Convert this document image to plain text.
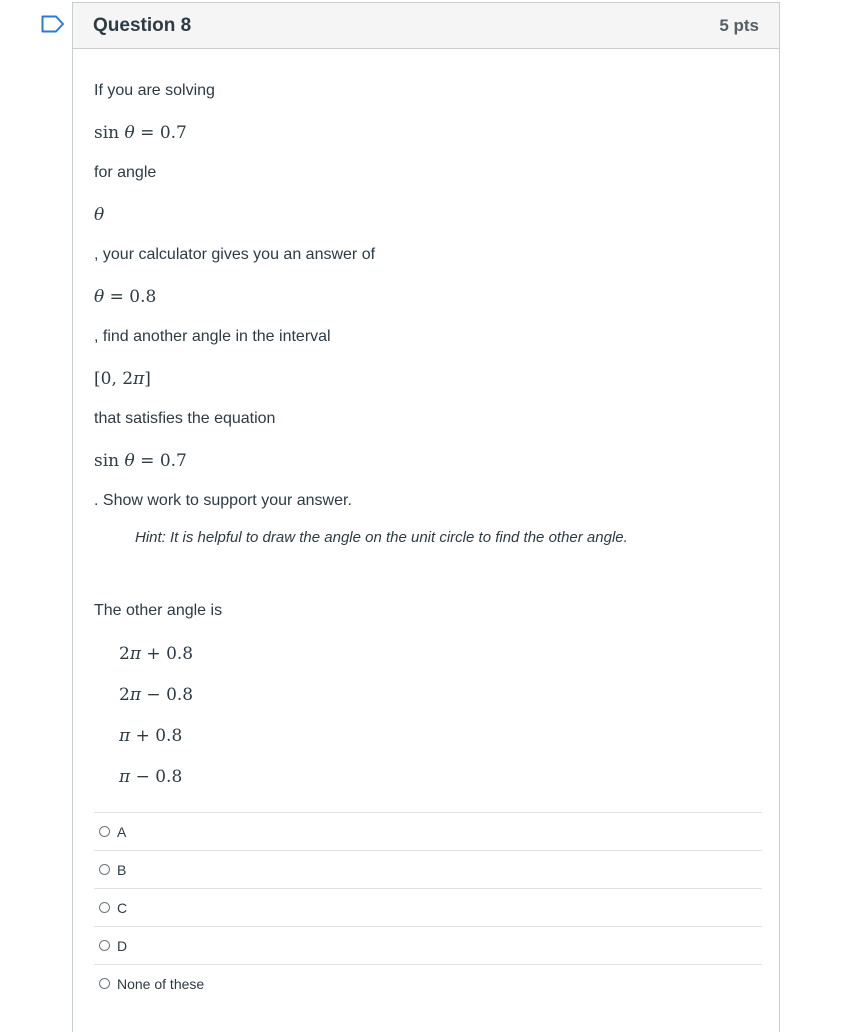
Question 8	5 pts
If you are solving
sin θ = 0.7
for angle
θ
, your calculator gives you an answer of
θ = 0.8
, find another angle in the interval
[0, 2π]
that satisfies the equation
sin θ = 0.7
. Show work to support your answer.
Hint: It is helpful to draw the angle on the unit circle to find the other angle.
The other angle is
2π + 0.8
2π − 0.8
π + 0.8
π − 0.8
A
B
C
D
None of these
